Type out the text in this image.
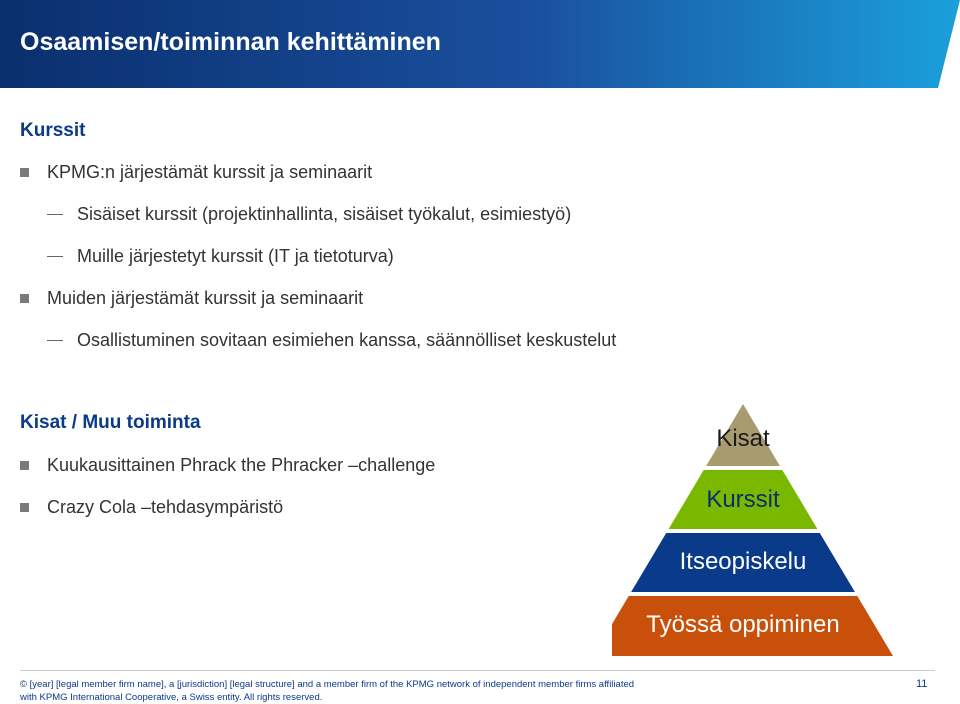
Osaamisen/toiminnan kehittäminen
Kurssit
KPMG:n järjestämät kurssit ja seminaarit
Sisäiset kurssit (projektinhallinta, sisäiset työkalut, esimiestyö)
Muille järjestetyt kurssit (IT ja tietoturva)
Muiden järjestämät kurssit ja seminaarit
Osallistuminen sovitaan esimiehen kanssa, säännölliset keskustelut
Kisat / Muu toiminta
Kuukausittainen Phrack the Phracker –challenge
Crazy Cola –tehdasympäristö
Kisat
Kurssit
Itseopiskelu
Työssä oppiminen
© [year] [legal member firm name], a [jurisdiction] [legal structure] and a member firm of the KPMG network of independent member firms affiliated
with KPMG International Cooperative, a Swiss entity. All rights reserved.
11
